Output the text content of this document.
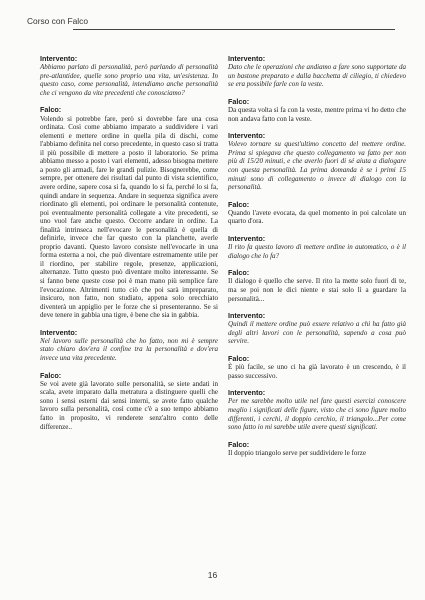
Corso con Falco

Intervento:

Abbiamo parlato di personalità, però parlando di personalità pre-atlantidee, quelle sono proprio una vita, un'esistenza. In questo caso, come personalità, intendiamo anche personalità che ci vengono da vite precedenti che conosciamo?

Falco:

Volendo si potrebbe fare, però si dovrebbe fare una cosa ordinata. Così come abbiamo imparato a suddividere i vari elementi e mettere ordine in quella pila di dischi, come l'abbiamo definita nel corso precedente, in questo caso si tratta il più possibile di mettere a posto il laboratorio. Se prima abbiamo messo a posto i vari elementi, adesso bisogna mettere a posto gli armadi, fare le grandi pulizie. Bisognerebbe, come sempre, per ottenere dei risultati dal punto di vista scientifico, avere ordine, sapere cosa si fa, quando lo si fa, perché lo si fa, quindi andare in sequenza. Andare in sequenza significa avere riordinato gli elementi, poi ordinare le personalità contenute, poi eventualmente personalità collegate a vite precedenti, se uno vuol fare anche questo. Occorre andare in ordine. La finalità intrinseca nell'evocare le personalità è quella di definirle, invece che far questo con la planchette, averle proprio davanti. Questo lavoro consiste nell'evocarle in una forma esterna a noi, che può diventare estremamente utile per il riordino, per stabilire regole, presenze, applicazioni, alternanze. Tutto questo può diventare molto interessante. Se si fanno bene queste cose poi è man mano più semplice fare l'evocazione. Altrimenti tutto ciò che poi sarà impreparato, insicuro, non fatto, non studiato, appena solo orecchiato diventerà un appiglio per le forze che si presenteranno. Se si deve tenere in gabbia una tigre, è bene che sia in gabbia.

Intervento:

Nel lavoro sulle personalità che ho fatto, non mi è sempre stato chiaro dov'era il confine tra la personalità e dov'era invece una vita precedente.

Falco:

Se voi avete già lavorato sulle personalità, se siete andati in scala, avete imparato dalla metratura a distinguere quelli che sono i sensi esterni dai sensi interni, se avete fatto qualche lavoro sulla personalità, così come c'è a suo tempo abbiamo fatto in proposito, vi renderete senz'altro conto delle differenze..

Intervento:

Dato che le operazioni che andiamo a fare sono supportate da un bastone preparato e dalla bacchetta di ciliegio, ti chiedevo se era possibile farle con la veste.

Falco:

Da questa volta sì fa con la veste, mentre prima vi ho detto che non andava fatto con la veste.

Intervento:

Volevo tornare su quest'ultimo concetto del mettere ordine. Prima si spiegava che questo collegamento va fatto per non più di 15/20 minuti, e che averlo fuori di sé aiuta a dialogare con questa personalità. La prima domanda è se i primi 15 minuti sono di collegamento o invece di dialogo con la personalità.

Falco:

Quando l'avete evocata, da quel momento in poi calcolate un quarto d'ora.

Intervento:

Il rito fa questo lavoro di mettere ordine in automatico, o è il dialogo che lo fa?

Falco:

Il dialogo è quello che serve. Il rito la mette solo fuori di te, ma se poi non le dici niente e stai solo lì a guardare la personalità...

Intervento:

Quindi il mettere ordine può essere relativo a chi ha fatto già degli altri lavori con le personalità, sapendo a cosa può servire.

Falco:

È più facile, se uno ci ha già lavorato è un crescendo, è il passo successivo.

Intervento:

Per me sarebbe molto utile nel fare questi esercizi conoscere meglio i significati delle figure, visto che ci sono figure molto differenti, i cerchi, il doppio cerchio, il triangolo...Per come sono fatto io mi sarebbe utile avere questi significati.

Falco:

Il doppio triangolo serve per suddividere le forze

16
